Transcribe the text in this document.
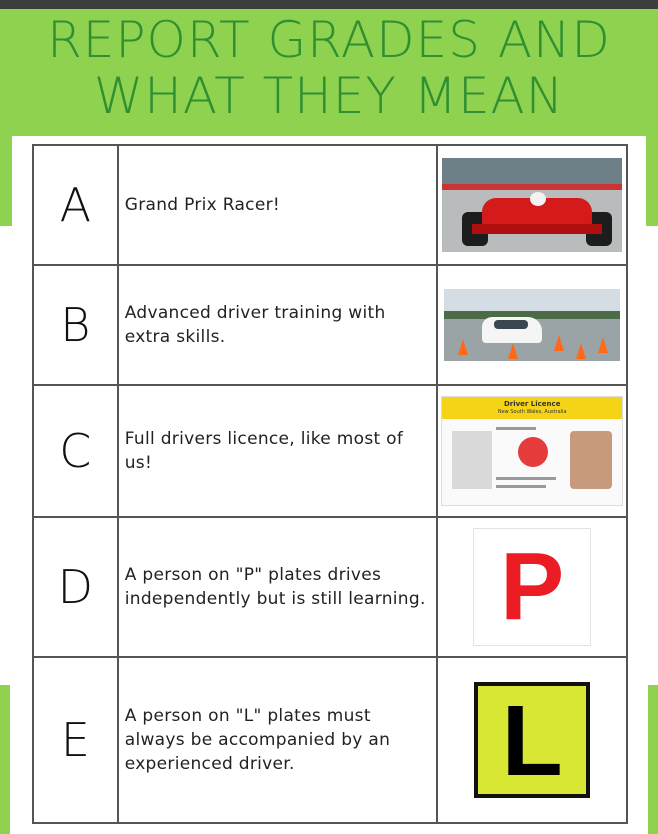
REPORT GRADES AND
WHAT THEY MEAN
A	Grand Prix Racer!	

B	Advanced driver training with extra skills.	

C	Full drivers licence, like most of us!	Driver Licence
New South Wales, Australia

D	A person on "P" plates drives independently but is still learning.	P

E	A person on "L" plates must always be accompanied by an experienced driver.	L
